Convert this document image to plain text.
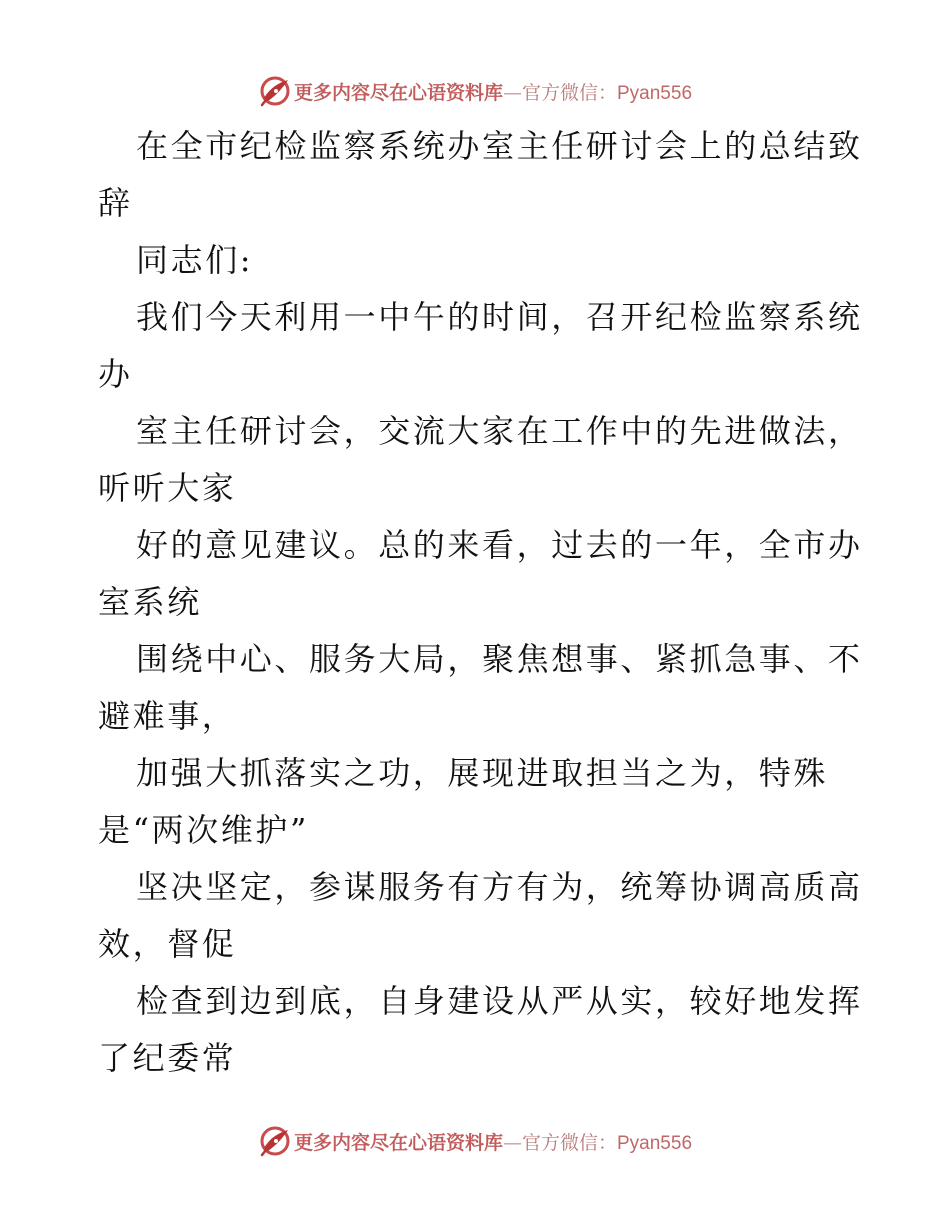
更多内容尽在心语资料库—官方微信：Pyan556
在全市纪检监察系统办室主任研讨会上的总结致
辞
同志们:
我们今天利用一中午的时间，召开纪检监察系统
办
室主任研讨会，交流大家在工作中的先进做法，
听听大家
好的意见建议。总的来看，过去的一年，全市办
室系统
围绕中心、服务大局，聚焦想事、紧抓急事、不
避难事，
加强大抓落实之功，展现进取担当之为，特殊
是“两次维护”
坚决坚定，参谋服务有方有为，统筹协调高质高
效，督促
检查到边到底，自身建设从严从实，较好地发挥
了纪委常
更多内容尽在心语资料库—官方微信：Pyan556
